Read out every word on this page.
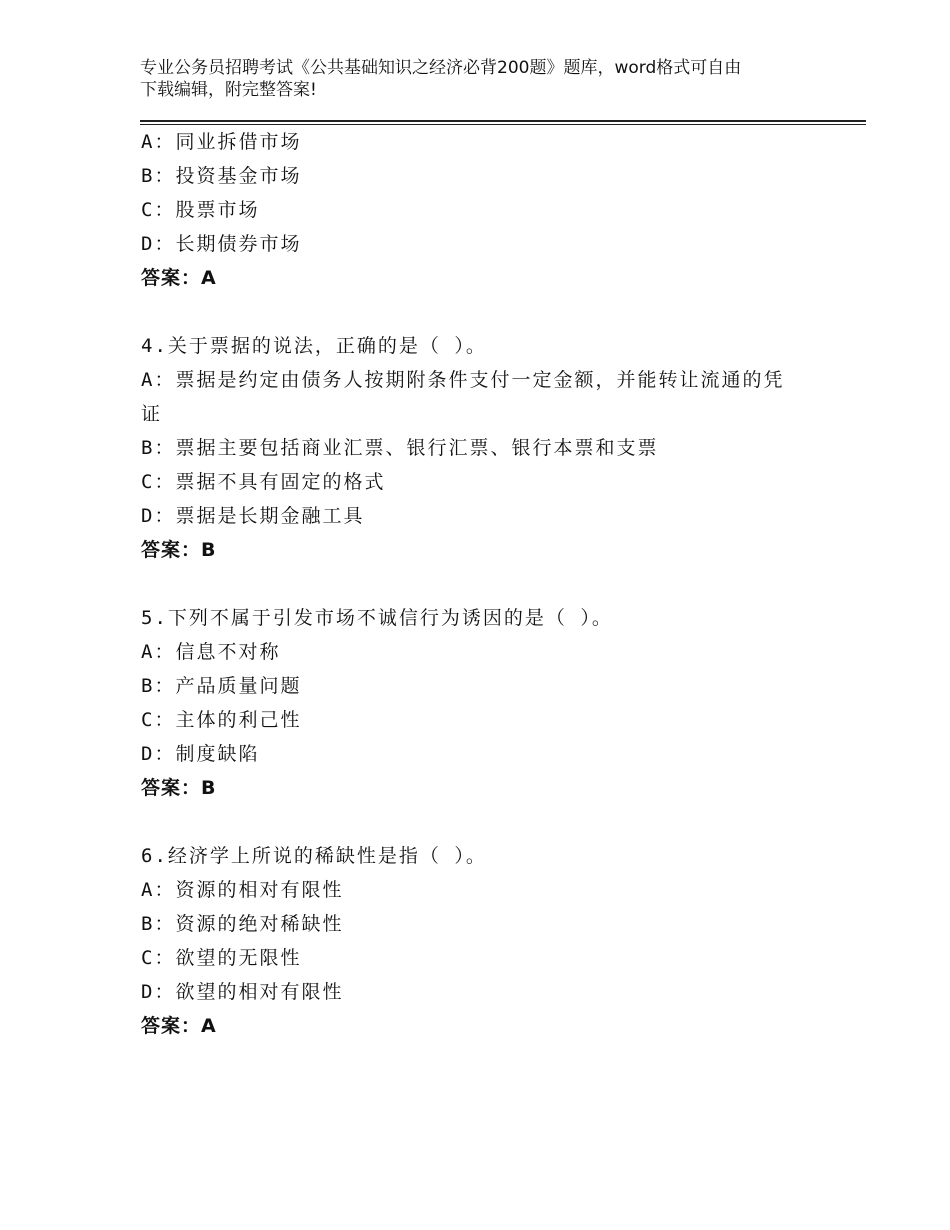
专业公务员招聘考试《公共基础知识之经济必背200题》题库，word格式可自由
下载编辑，附完整答案!
A：同业拆借市场
B：投资基金市场
C：股票市场
D：长期债券市场
答案：A
4.关于票据的说法，正确的是（ ）。
A：票据是约定由债务人按期附条件支付一定金额，并能转让流通的凭
证
B：票据主要包括商业汇票、银行汇票、银行本票和支票
C：票据不具有固定的格式
D：票据是长期金融工具
答案：B
5.下列不属于引发市场不诚信行为诱因的是（ ）。
A：信息不对称
B：产品质量问题
C：主体的利己性
D：制度缺陷
答案：B
6.经济学上所说的稀缺性是指（ ）。
A：资源的相对有限性
B：资源的绝对稀缺性
C：欲望的无限性
D：欲望的相对有限性
答案：A
